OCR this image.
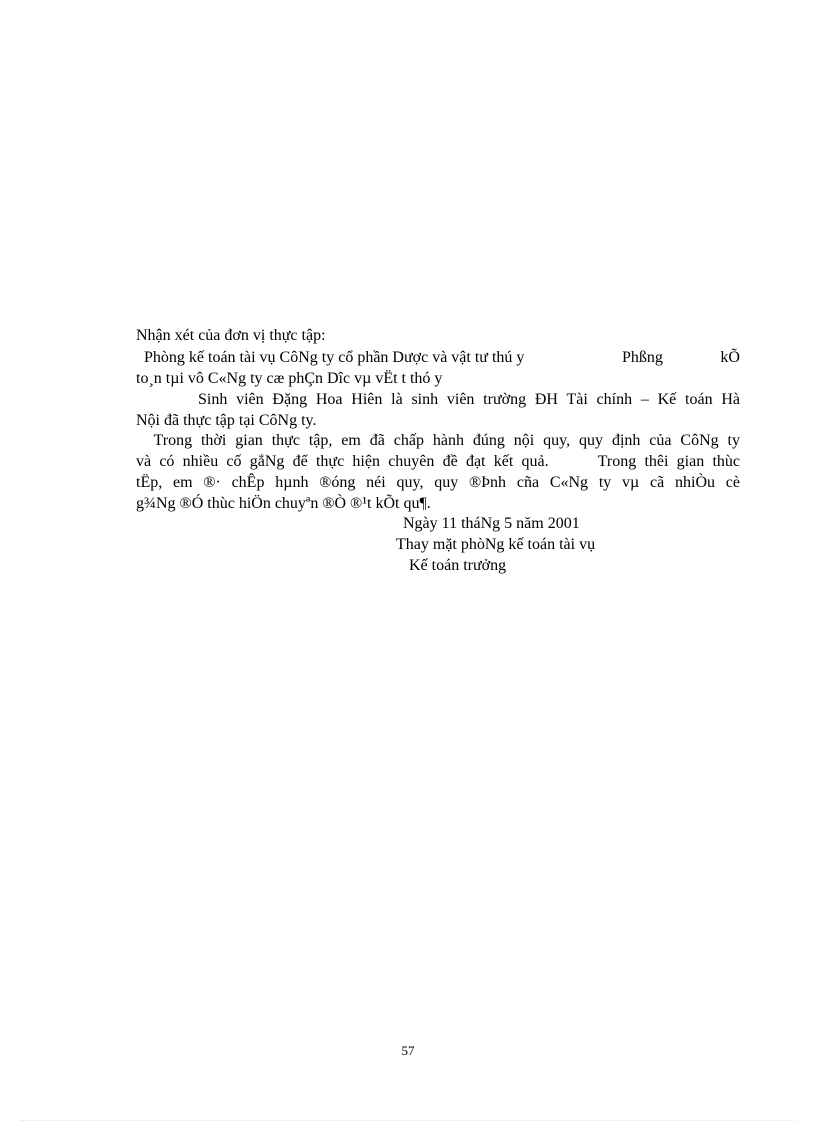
Nhận xét của đơn vị thực tập:
Phòng kế toán tài vụ CôNg ty cổ phần Dược và vật tư thú y	Phßng	kÕ
to¸n tµi vô C«Ng ty cæ phÇn Dîc vµ vËt t thó y
Sinh viên Đặng Hoa Hiên là sinh viên trường ĐH Tài chính – Kế toán Hà
Nội đã thực tập tại CôNg ty.
Trong thời gian thực tập, em đã chấp hành đúng nội quy, quy định của CôNg ty
và có nhiều cố gắNg để thực hiện chuyên đề đạt kết quả.      Trong thêi gian thùc
tËp, em ®· chÊp hµnh ®óng néi quy, quy ®Þnh cña C«Ng ty vµ cã nhiÒu cè
g¾Ng ®Ó thùc hiÖn chuyªn ®Ò ®¹t kÕt qu¶.
Ngày 11 tháNg 5 năm 2001
Thay mặt phòNg kế toán tài vụ
Kế toán trưởng
57
